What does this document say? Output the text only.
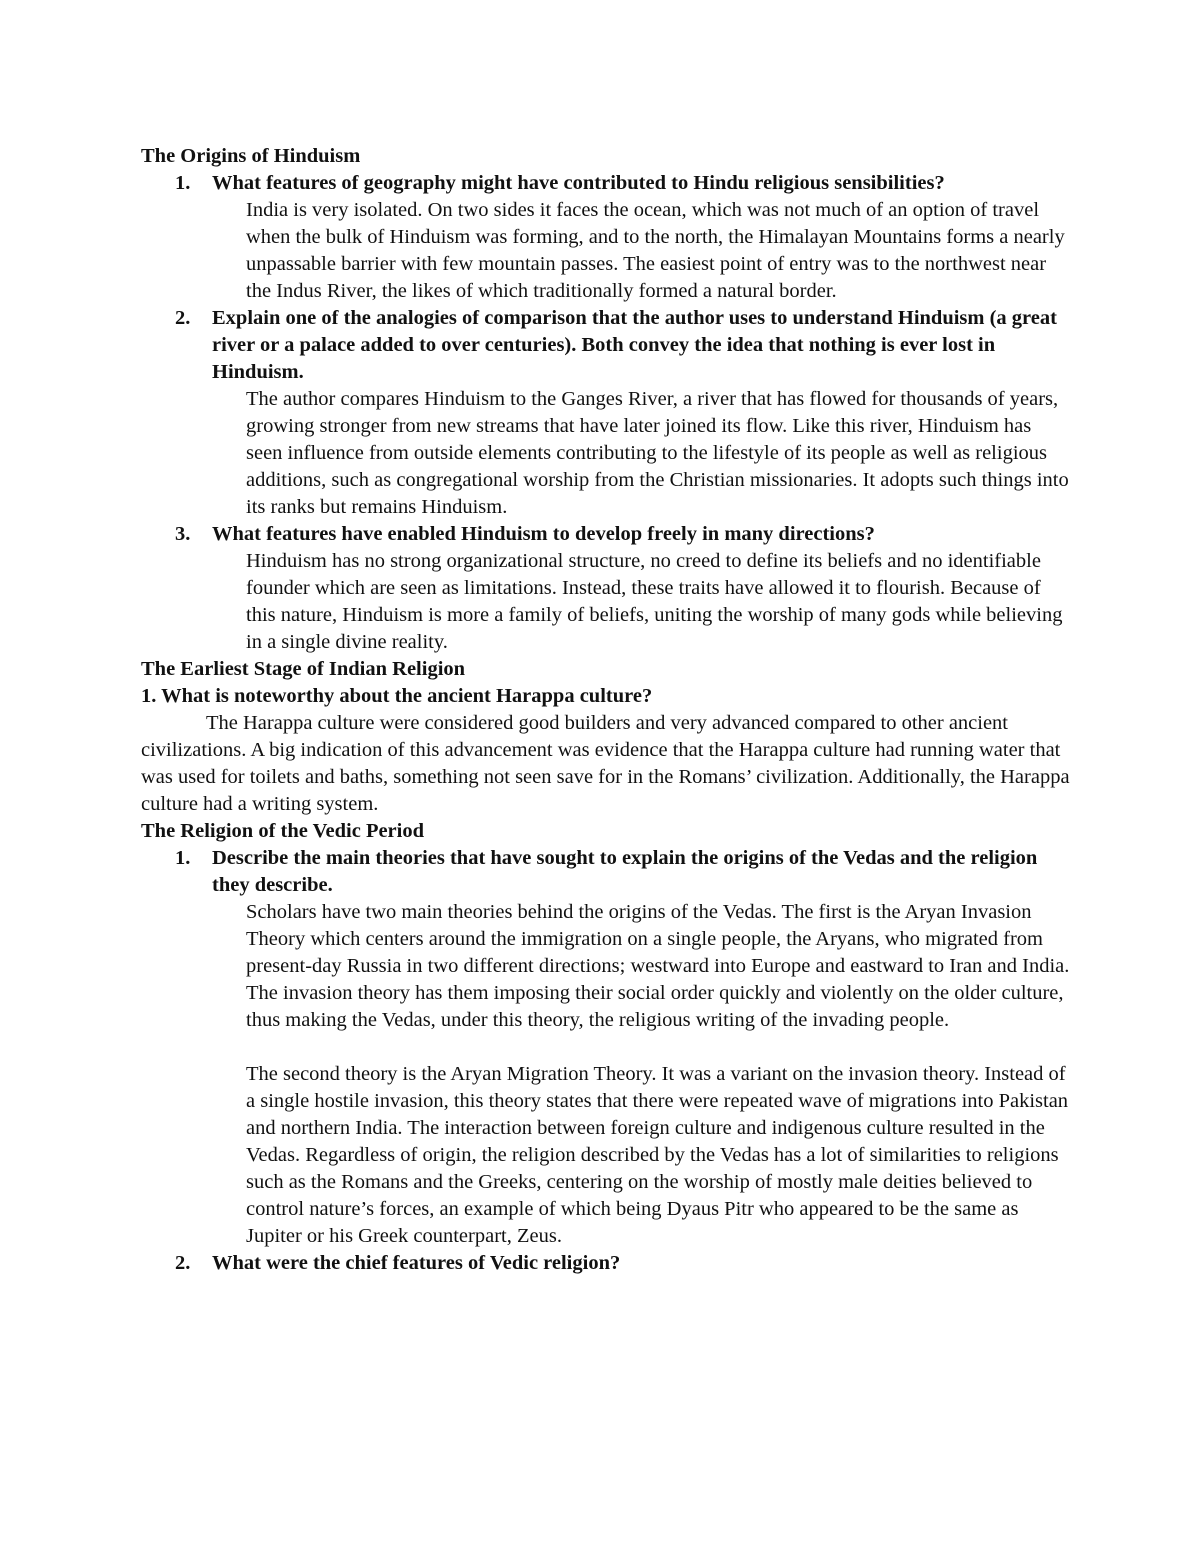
The Origins of Hinduism

1. What features of geography might have contributed to Hindu religious sensibilities?

India is very isolated. On two sides it faces the ocean, which was not much of an option of travel when the bulk of Hinduism was forming, and to the north, the Himalayan Mountains forms a nearly unpassable barrier with few mountain passes. The easiest point of entry was to the northwest near the Indus River, the likes of which traditionally formed a natural border.

2. Explain one of the analogies of comparison that the author uses to understand Hinduism (a great river or a palace added to over centuries). Both convey the idea that nothing is ever lost in Hinduism.

The author compares Hinduism to the Ganges River, a river that has flowed for thousands of years, growing stronger from new streams that have later joined its flow. Like this river, Hinduism has seen influence from outside elements contributing to the lifestyle of its people as well as religious additions, such as congregational worship from the Christian missionaries. It adopts such things into its ranks but remains Hinduism.

3. What features have enabled Hinduism to develop freely in many directions?

Hinduism has no strong organizational structure, no creed to define its beliefs and no identifiable founder which are seen as limitations. Instead, these traits have allowed it to flourish. Because of this nature, Hinduism is more a family of beliefs, uniting the worship of many gods while believing in a single divine reality.

The Earliest Stage of Indian Religion

1. What is noteworthy about the ancient Harappa culture?

The Harappa culture were considered good builders and very advanced compared to other ancient civilizations. A big indication of this advancement was evidence that the Harappa culture had running water that was used for toilets and baths, something not seen save for in the Romans’ civilization. Additionally, the Harappa culture had a writing system.

The Religion of the Vedic Period

1. Describe the main theories that have sought to explain the origins of the Vedas and the religion they describe.

Scholars have two main theories behind the origins of the Vedas. The first is the Aryan Invasion Theory which centers around the immigration on a single people, the Aryans, who migrated from present-day Russia in two different directions; westward into Europe and eastward to Iran and India. The invasion theory has them imposing their social order quickly and violently on the older culture, thus making the Vedas, under this theory, the religious writing of the invading people.

The second theory is the Aryan Migration Theory. It was a variant on the invasion theory. Instead of a single hostile invasion, this theory states that there were repeated wave of migrations into Pakistan and northern India. The interaction between foreign culture and indigenous culture resulted in the Vedas. Regardless of origin, the religion described by the Vedas has a lot of similarities to religions such as the Romans and the Greeks, centering on the worship of mostly male deities believed to control nature’s forces, an example of which being Dyaus Pitr who appeared to be the same as Jupiter or his Greek counterpart, Zeus.

2. What were the chief features of Vedic religion?
